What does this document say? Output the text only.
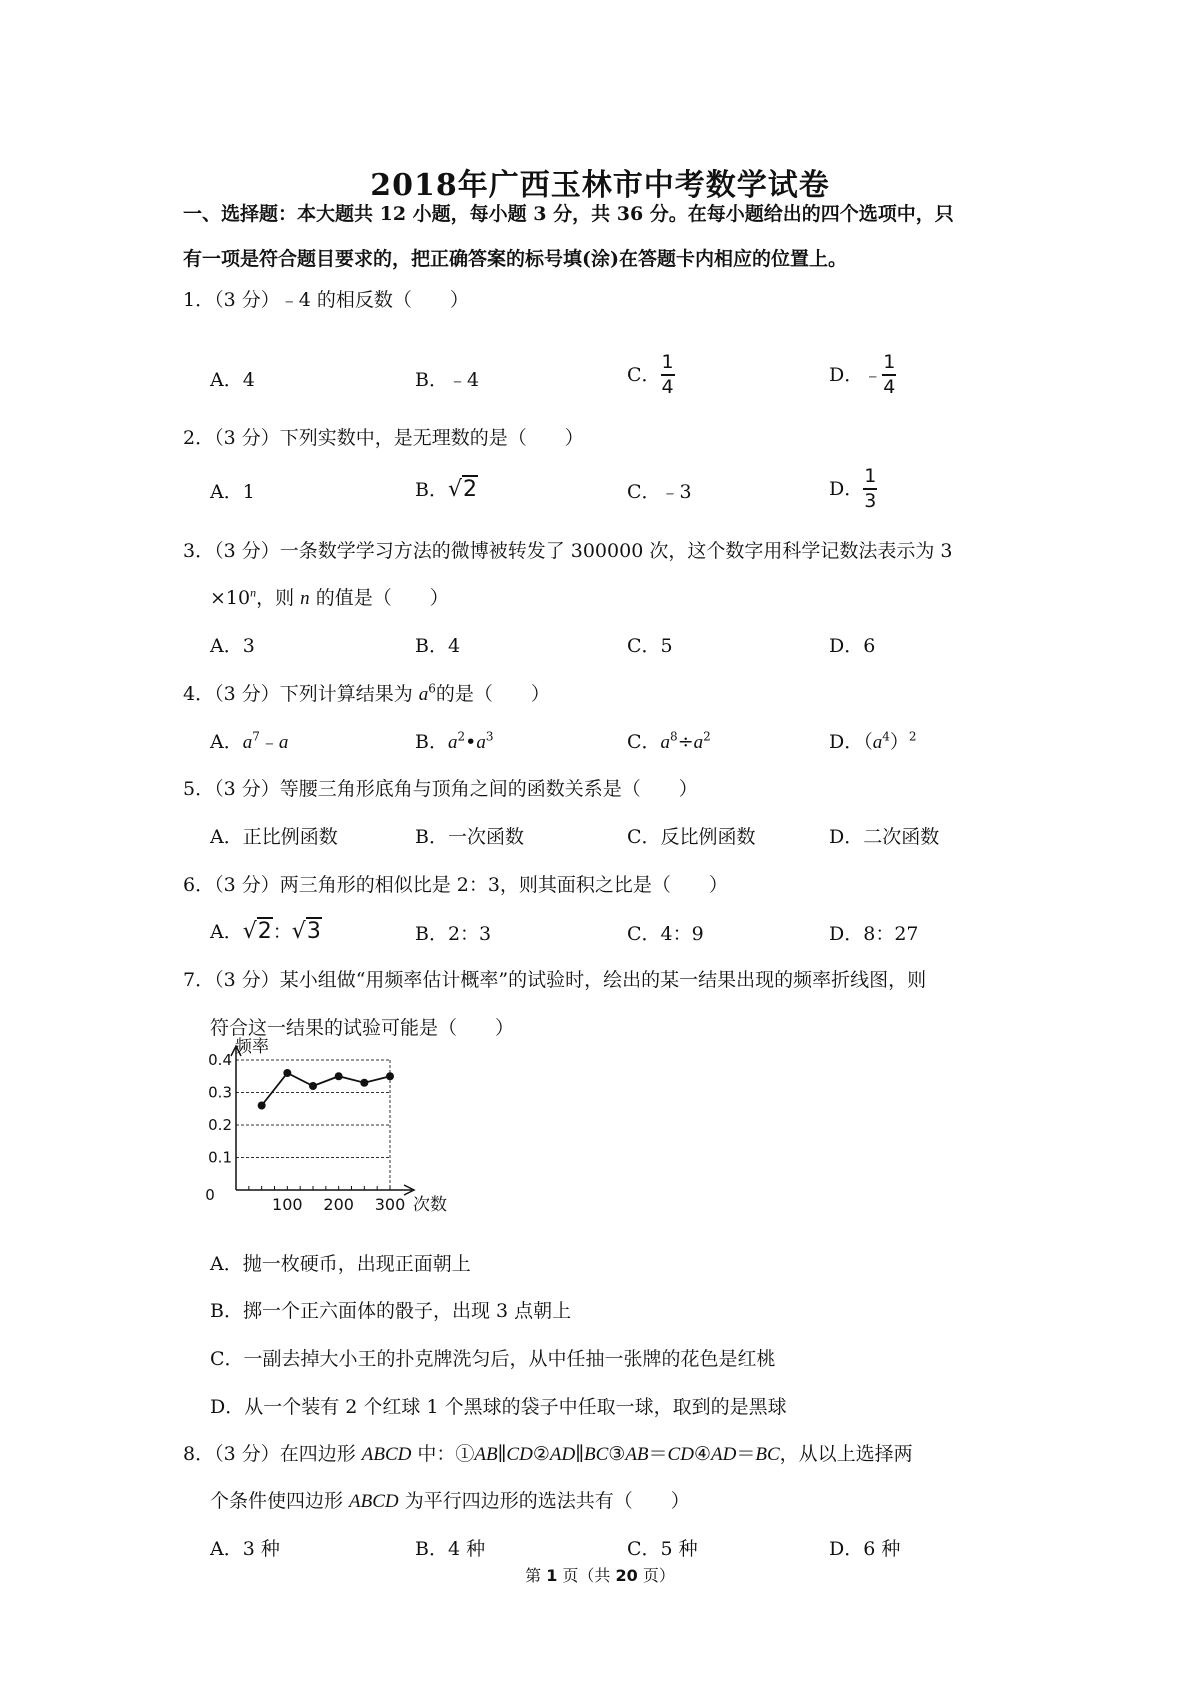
2018年广西玉林市中考数学试卷
一、选择题：本大题共 12 小题，每小题 3 分，共 36 分。在每小题给出的四个选项中，只
有一项是符合题目要求的，把正确答案的标号填(涂)在答题卡内相应的位置上。
1．（3 分）﹣4 的相反数（　　）
A．4	B．﹣4	C． $\frac{1}{4}$	D．﹣ $\frac{1}{4}$
2．（3 分）下列实数中，是无理数的是（　　）
A．1	B．√2	C．﹣3	D． $\frac{1}{3}$
3．（3 分）一条数学学习方法的微博被转发了 300000 次，这个数字用科学记数法表示为 3
$\times 10^n$，则 n 的值是（　　）
A．3	B．4	C．5	D．6
4．（3 分）下列计算结果为 $a^6$的是（　　）
A．$a^7﹣a$	B．$a^2•a^3$	C．$a^8\div a^2$	D．$(a^4)^2$
5．（3 分）等腰三角形底角与顶角之间的函数关系是（　　）
A．正比例函数	B．一次函数	C．反比例函数	D．二次函数
6．（3 分）两三角形的相似比是 2：3，则其面积之比是（　　）
A．√2：√3	B．2：3	C．4：9	D．8：27
7．（3 分）某小组做“用频率估计概率”的试验时，绘出的某一结果出现的频率折线图，则
符合这一结果的试验可能是（　　）
0.4
0.3
0.2
0.1
100 200 300
0
频率
次数
A．抛一枚硬币，出现正面朝上
B．掷一个正六面体的骰子，出现 3 点朝上
C．一副去掉大小王的扑克牌洗匀后，从中任抽一张牌的花色是红桃
D．从一个装有 2 个红球 1 个黑球的袋子中任取一球，取到的是黑球
8．（3 分）在四边形 ABCD 中：①AB∥CD②AD∥BC③AB＝CD④AD＝BC，从以上选择两
个条件使四边形 ABCD 为平行四边形的选法共有（　　）
A．3 种	B．4 种	C．5 种	D．6 种
第 1 页（共 20 页）
